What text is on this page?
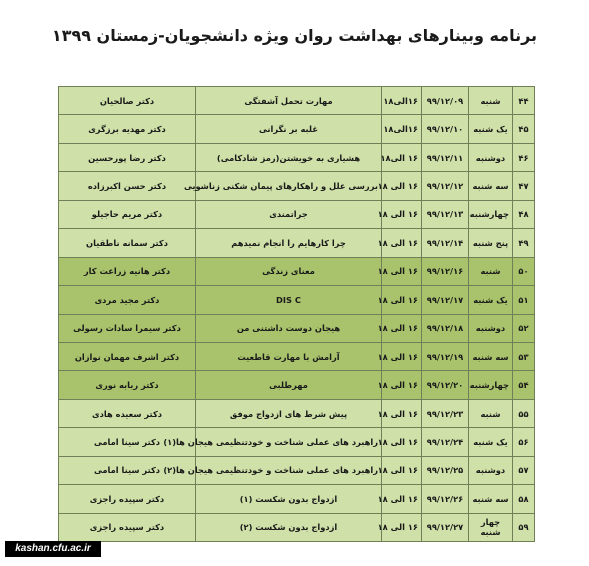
برنامه وبینارهای بهداشت روان ویژه دانشجویان-زمستان ۱۳۹۹
۴۴	شنبه	۹۹/۱۲/۰۹	۱۶الی۱۸	مهارت تحمل آشفتگی	دکتر صالحیان
۴۵	یک شنبه	۹۹/۱۲/۱۰	۱۶الی۱۸	غلبه بر نگرانی	دکتر مهدیه برزگری
۴۶	دوشنبه	۹۹/۱۲/۱۱	۱۶ الی۱۸	هشیاری به خویشتن(رمز شادکامی)	دکتر رضا پورحسین
۴۷	سه شنبه	۹۹/۱۲/۱۲	۱۶ الی ۱۸	بررسی علل و راهکارهای پیمان شکنی زناشویی	دکتر حسن اکبرزاده
۴۸	چهارشنبه	۹۹/۱۲/۱۳	۱۶ الی ۱۸	جراتمندی	دکتر مریم حاجیلو
۴۹	پنج شنبه	۹۹/۱۲/۱۴	۱۶ الی ۱۸	چرا کارهایم را انجام نمیدهم	دکتر سمانه ناطقیان
۵۰	شنبه	۹۹/۱۲/۱۶	۱۶ الی ۱۸	معنای زندگی	دکتر هانیه زراعت کار
۵۱	یک شنبه	۹۹/۱۲/۱۷	۱۶ الی ۱۸	DIS C	دکتر مجید مردی
۵۲	دوشنبه	۹۹/۱۲/۱۸	۱۶ الی ۱۸	هیجان دوست داشتنی من	دکتر سیمرا سادات رسولی
۵۳	سه شنبه	۹۹/۱۲/۱۹	۱۶ الی ۱۸	آرامش با مهارت قاطعیت	دکتر اشرف مهمان نوازان
۵۴	چهارشنبه	۹۹/۱۲/۲۰	۱۶ الی ۱۸	مهرطلبی	دکتر ربابه نوری
۵۵	شنبه	۹۹/۱۲/۲۳	۱۶ الی ۱۸	پیش شرط های ازدواج موفق	دکتر سعیده هادی
۵۶	یک شنبه	۹۹/۱۲/۲۴	۱۶ الی ۱۸	راهبرد های عملی شناخت و خودتنظیمی هیجان ها(۱)	دکتر سینا امامی
۵۷	دوشنبه	۹۹/۱۲/۲۵	۱۶ الی ۱۸	راهبرد های عملی شناخت و خودتنظیمی هیجان ها(۲)	دکتر سینا امامی
۵۸	سه شنبه	۹۹/۱۲/۲۶	۱۶ الی ۱۸	ازدواج بدون شکست (۱)	دکتر سپیده راجزی
۵۹	چهار شنبه	۹۹/۱۲/۲۷	۱۶ الی ۱۸	ازدواج بدون شکست (۲)	دکتر سپیده راجزی
kashan.cfu.ac.ir
